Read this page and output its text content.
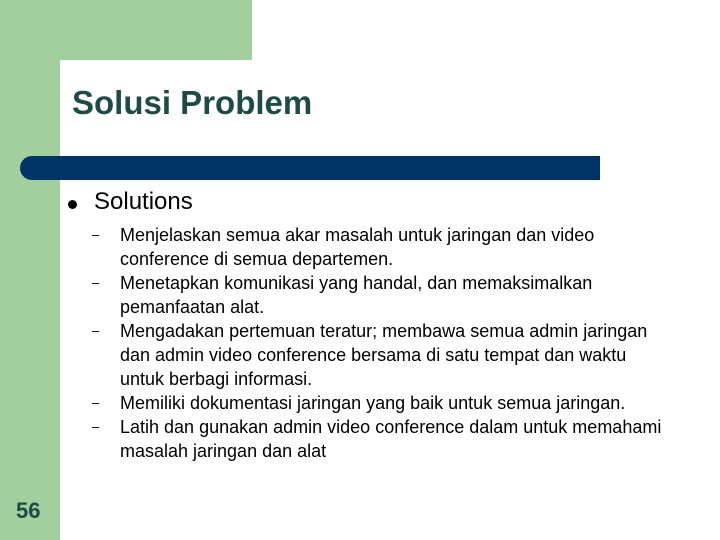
Solusi Problem
Solutions
– Menjelaskan semua akar masalah untuk jaringan dan video conference di semua departemen.
– Menetapkan komunikasi yang handal, dan memaksimalkan pemanfaatan alat.
– Mengadakan pertemuan teratur; membawa semua admin jaringan dan admin video conference bersama di satu tempat dan waktu untuk berbagi informasi.
– Memiliki dokumentasi jaringan yang baik untuk semua jaringan.
– Latih dan gunakan admin video conference dalam untuk memahami masalah jaringan dan alat
56
